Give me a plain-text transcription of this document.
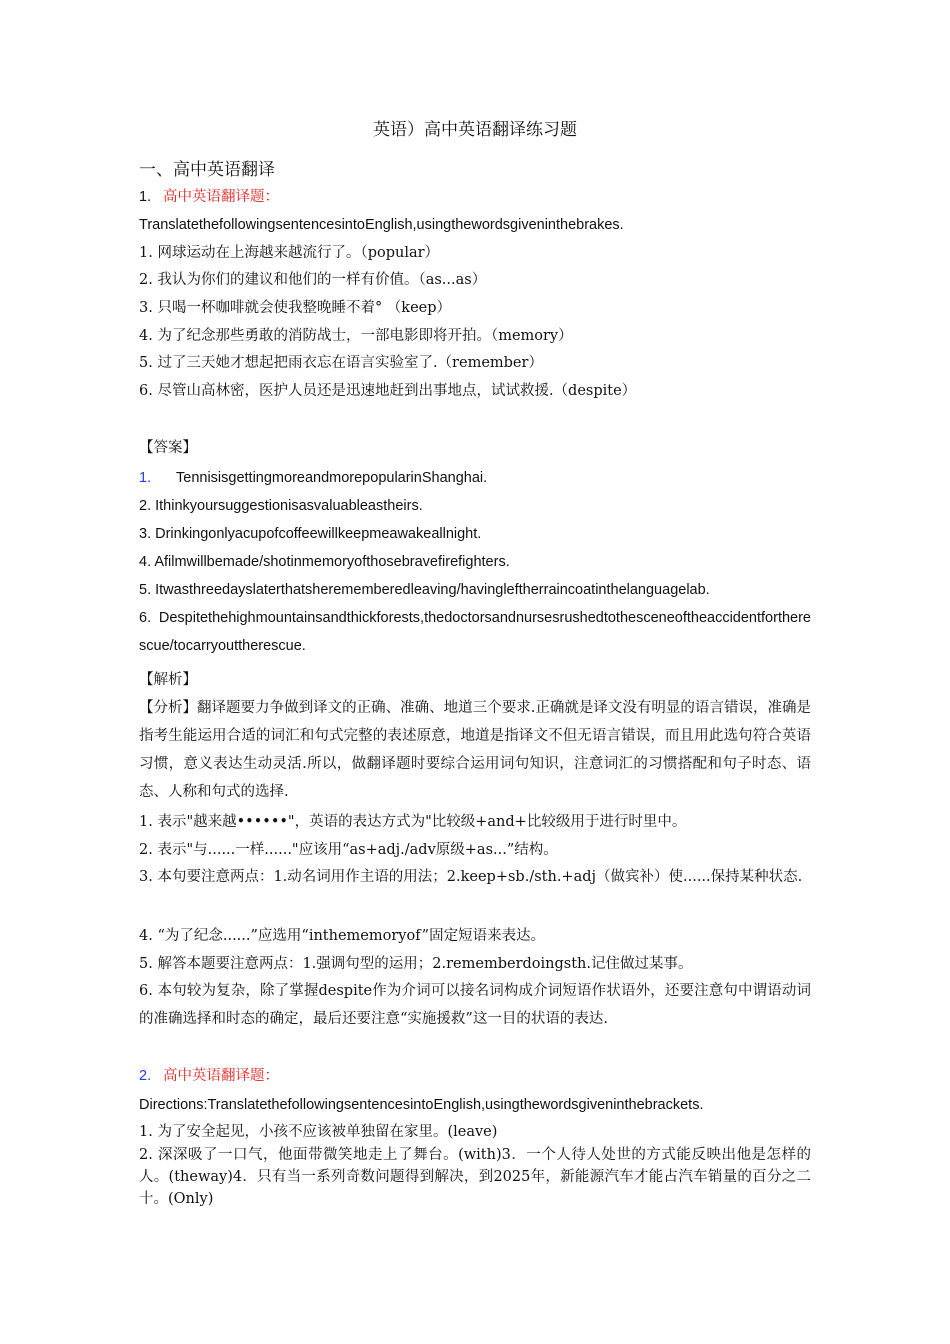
英语）高中英语翻译练习题
一、高中英语翻译
1. 高中英语翻译题：
TranslatethefollowingsentencesintoEnglish,usingthewordsgiveninthebrakes.
1. 网球运动在上海越来越流行了。（popular）
2. 我认为你们的建议和他们的一样有价值。（as...as）
3. 只喝一杯咖啡就会使我整晚睡不着° （keep）
4. 为了纪念那些勇敢的消防战士，一部电影即将开拍。（memory）
5. 过了三天她才想起把雨衣忘在语言实验室了.（remember）
6. 尽管山高林密，医护人员还是迅速地赶到出事地点，试试救援.（despite）
【答案】
1. TennisisgettingmoreandmorepopularinShanghai.
2. Ithinkyoursuggestionisasvaluableastheirs.
3. Drinkingonlyacupofcoffeewillkeepmeawakeallnight.
4. Afilmwillbemade/shotinmemoryofthosebravefirefighters.
5. Itwasthreedayslaterthatsherememberedleaving/havingleftherraincoatinthelanguagelab.
6. Despitethehighmountainsandthickforests,thedoctorsandnursesrushedtothesceneoftheaccidentfortherescue/tocarryouttherescue.
【解析】
【分析】翻译题要力争做到译文的正确、准确、地道三个要求.正确就是译文没有明显的语言错误，准确是指考生能运用合适的词汇和句式完整的表述原意，地道是指译文不但无语言错误，而且用此选句符合英语习惯，意义表达生动灵活.所以，做翻译题时要综合运用词句知识，注意词汇的习惯搭配和句子时态、语态、人称和句式的选择.
1. 表示"越来越••••••"，英语的表达方式为"比较级+and+比较级用于进行时里中。
2. 表示"与......一样......"应该用“as+adj./adv原级+as...”结构。
3. 本句要注意两点：1.动名词用作主语的用法；2.keep+sb./sth.+adj（做宾补）使......保持某种状态.
4. “为了纪念......”应选用“inthememoryof”固定短语来表达。
5. 解答本题要注意两点：1.强调句型的运用；2.rememberdoingsth.记住做过某事。
6. 本句较为复杂，除了掌握despite作为介词可以接名词构成介词短语作状语外，还要注意句中谓语动词的准确选择和时态的确定，最后还要注意“实施援救”这一目的状语的表达.
2. 高中英语翻译题：
Directions:TranslatethefollowingsentencesintoEnglish,usingthewordsgiveninthebrackets.
1. 为了安全起见，小孩不应该被单独留在家里。(leave)
2. 深深吸了一口气，他面带微笑地走上了舞台。(with)3．一个人待人处世的方式能反映出他是怎样的人。(theway)4．只有当一系列奇数问题得到解决，到2025年，新能源汽车才能占汽车销量的百分之二十。(Only)
